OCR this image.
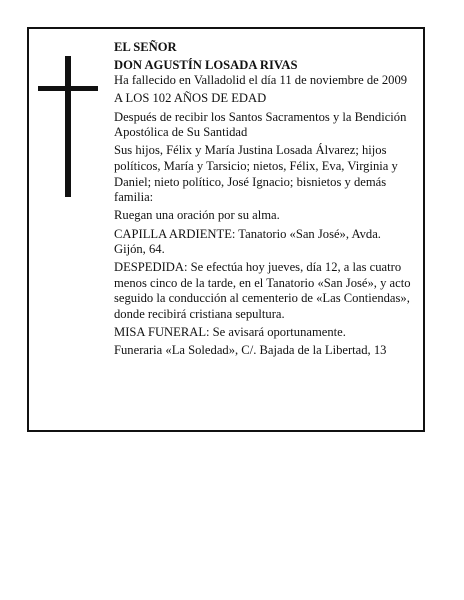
EL SEÑOR

DON AGUSTÍN LOSADA RIVAS

Ha fallecido en Valladolid el día 11 de noviembre de 2009

A LOS 102 AÑOS DE EDAD

Después de recibir los Santos Sacramentos y la Bendición Apostólica de Su Santidad

Sus hijos, Félix y María Justina Losada Álvarez; hijos políticos, María y Tarsicio; nietos, Félix, Eva, Virginia y Daniel; nieto político, José Ignacio; bisnietos y demás familia:

Ruegan una oración por su alma.

CAPILLA ARDIENTE: Tanatorio «San José», Avda. Gijón, 64.

DESPEDIDA: Se efectúa hoy jueves, día 12, a las cuatro menos cinco de la tarde, en el Tanatorio «San José», y acto seguido la conducción al cementerio de «Las Contiendas», donde recibirá cristiana sepultura.

MISA FUNERAL: Se avisará oportunamente.

Funeraria «La Soledad», C/. Bajada de la Libertad, 13
